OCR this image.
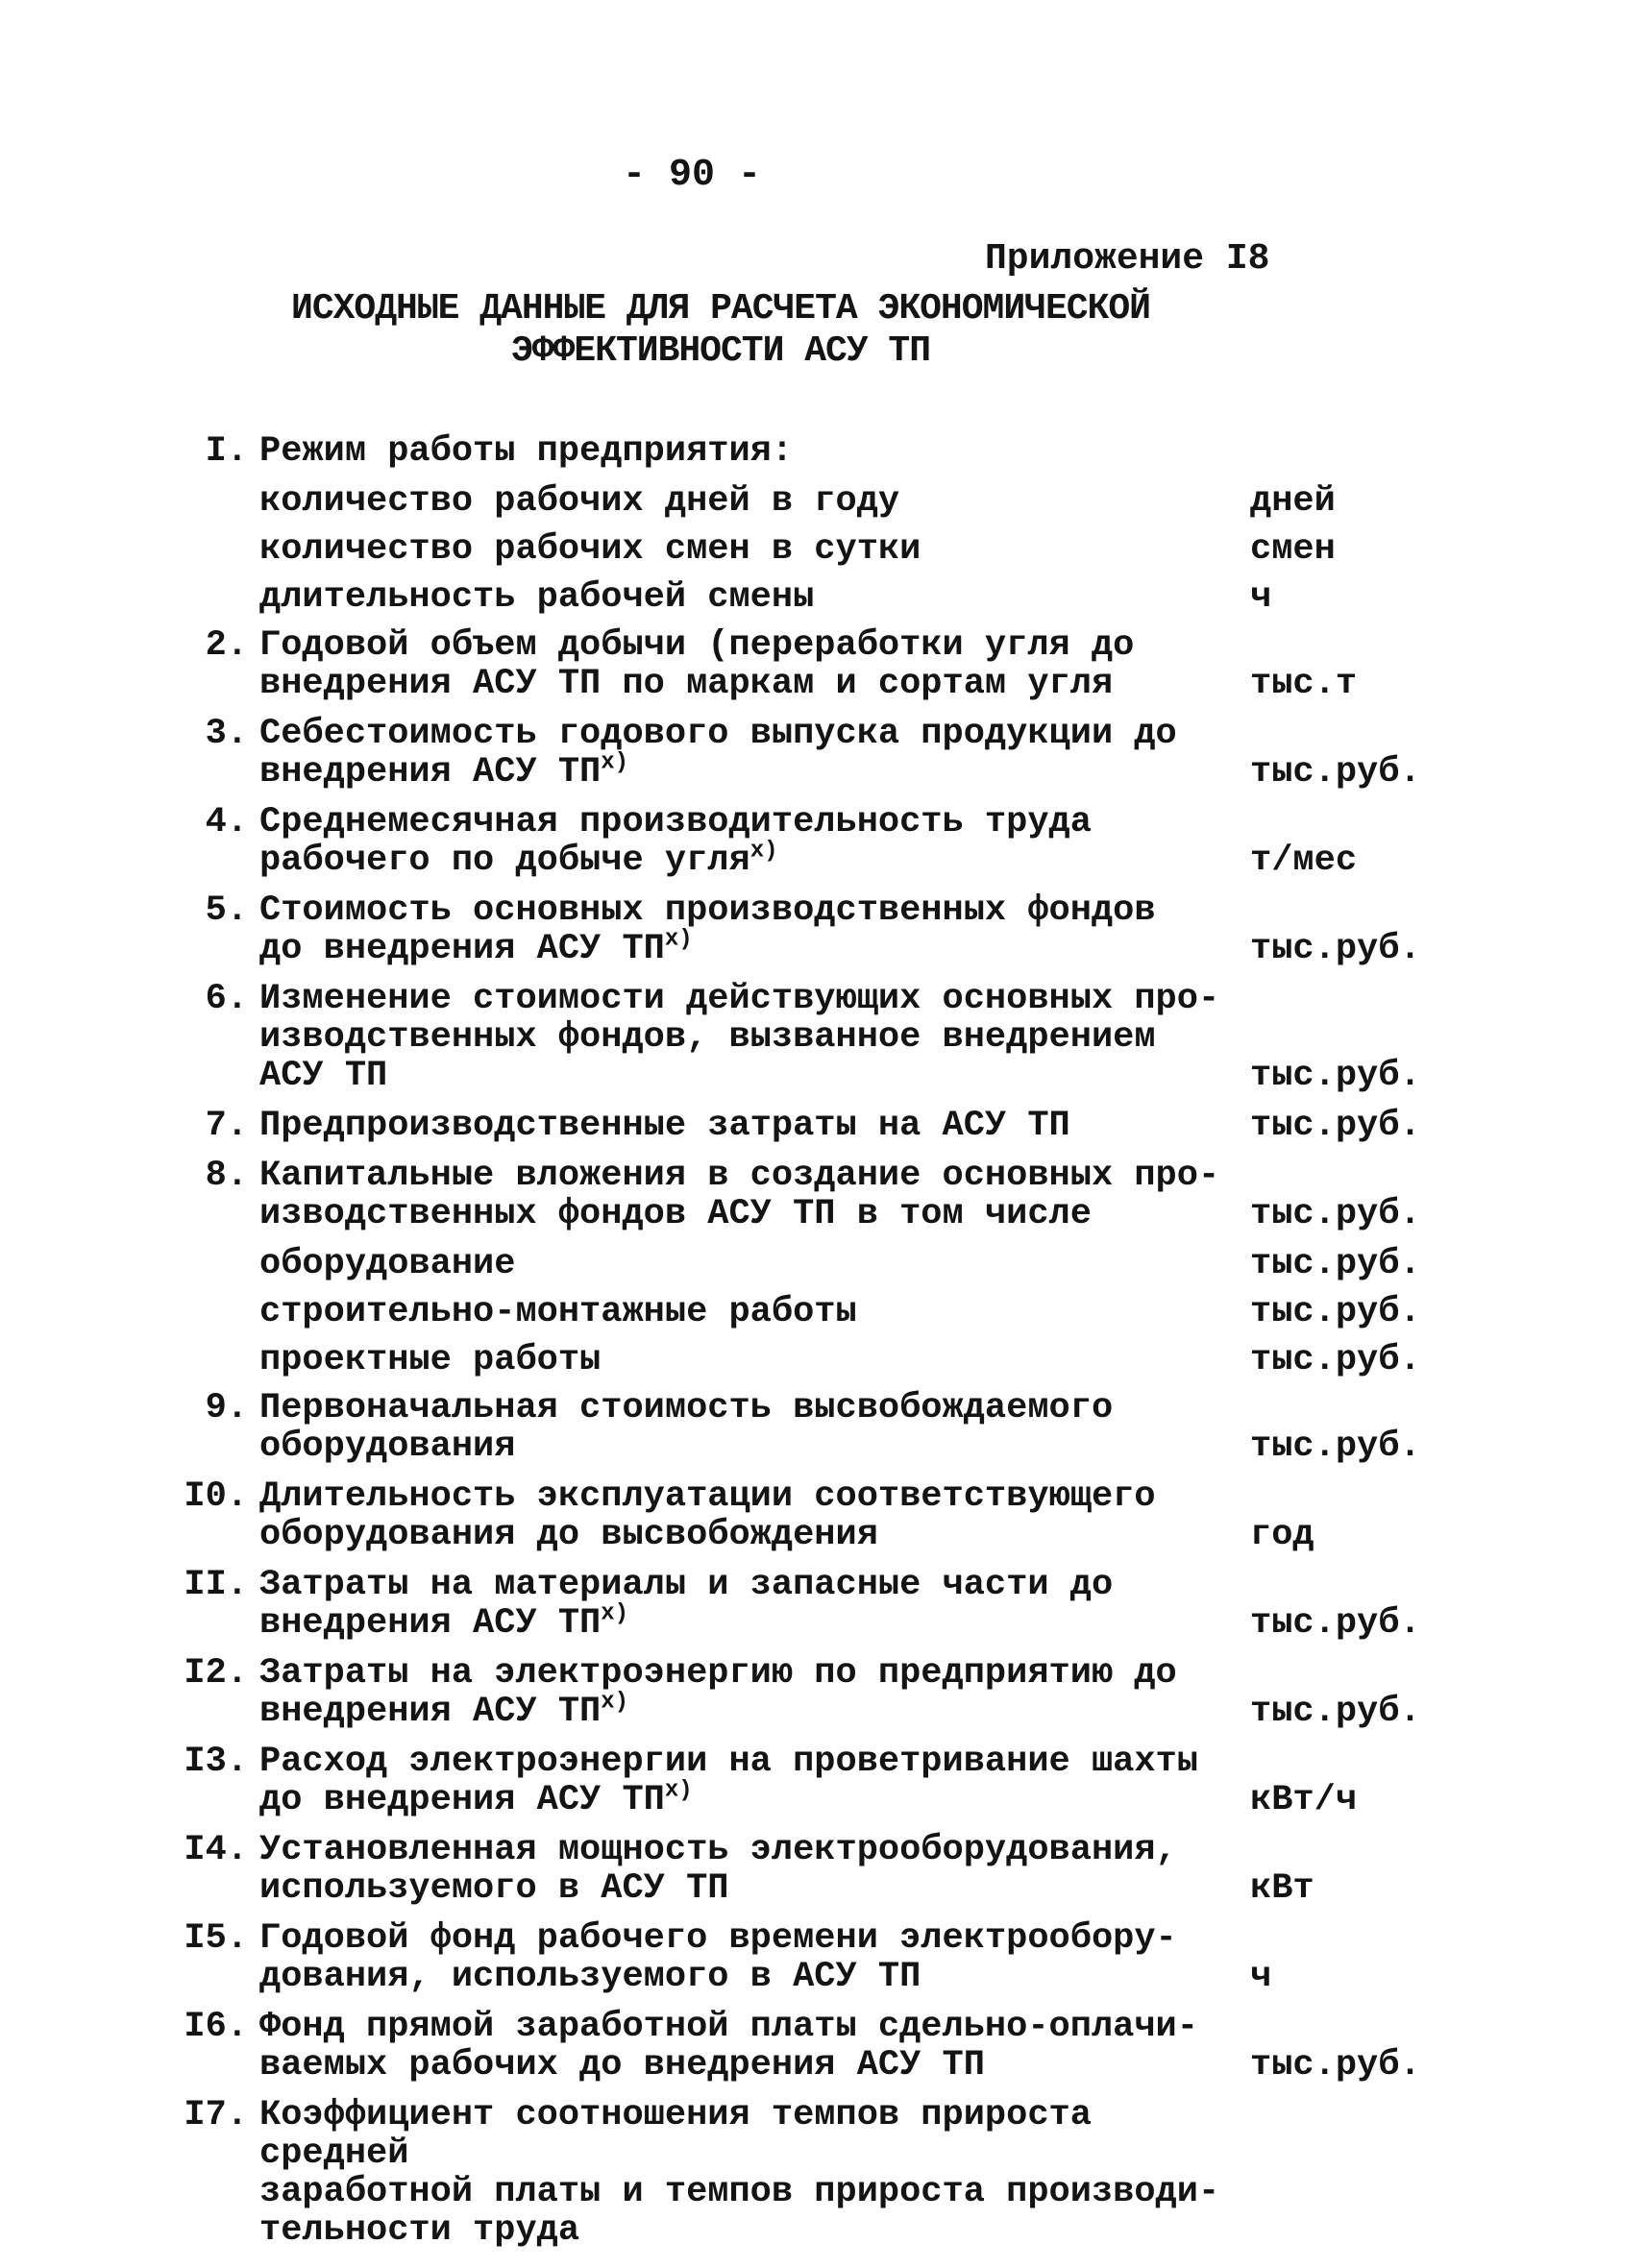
- 90 -
Приложение I8
ИСХОДНЫЕ ДАННЫЕ ДЛЯ РАСЧЕТА ЭКОНОМИЧЕСКОЙ
ЭФФЕКТИВНОСТИ АСУ ТП
I. Режим работы предприятия:
количество рабочих дней в году	дней
количество рабочих смен в сутки	смен
длительность рабочей смены	ч
2. Годовой объем добычи (переработки угля до
внедрения АСУ ТП по маркам и сортам угля	тыс.т
3. Себестоимость годового выпуска продукции до
внедрения АСУ ТП$^{x)}$	тыс.руб.
4. Среднемесячная производительность труда
рабочего по добыче угля$^{x)}$	т/мес
5. Стоимость основных производственных фондов
до внедрения АСУ ТП$^{x)}$	тыс.руб.
6. Изменение стоимости действующих основных про-
изводственных фондов, вызванное внедрением
АСУ ТП	тыс.руб.
7. Предпроизводственные затраты на АСУ ТП	тыс.руб.
8. Капитальные вложения в создание основных про-
изводственных фондов АСУ ТП в том числе	тыс.руб.
оборудование	тыс.руб.
строительно-монтажные работы	тыс.руб.
проектные работы	тыс.руб.
9. Первоначальная стоимость высвобождаемого
оборудования	тыс.руб.
I0. Длительность эксплуатации соответствующего
оборудования до высвобождения	год
II. Затраты на материалы и запасные части до
внедрения АСУ ТП$^{x)}$	тыс.руб.
I2. Затраты на электроэнергию по предприятию до
внедрения АСУ ТП$^{x)}$	тыс.руб.
I3. Расход электроэнергии на проветривание шахты
до внедрения АСУ ТП$^{x)}$	кВт/ч
I4. Установленная мощность электрооборудования,
используемого в АСУ ТП	кВт
I5. Годовой фонд рабочего времени электрообору-
дования, используемого в АСУ ТП	ч
I6. Фонд прямой заработной платы сдельно-оплачи-
ваемых рабочих до внедрения АСУ ТП	тыс.руб.
I7. Коэффициент соотношения темпов прироста средней
заработной платы и темпов прироста производи-
тельности труда
